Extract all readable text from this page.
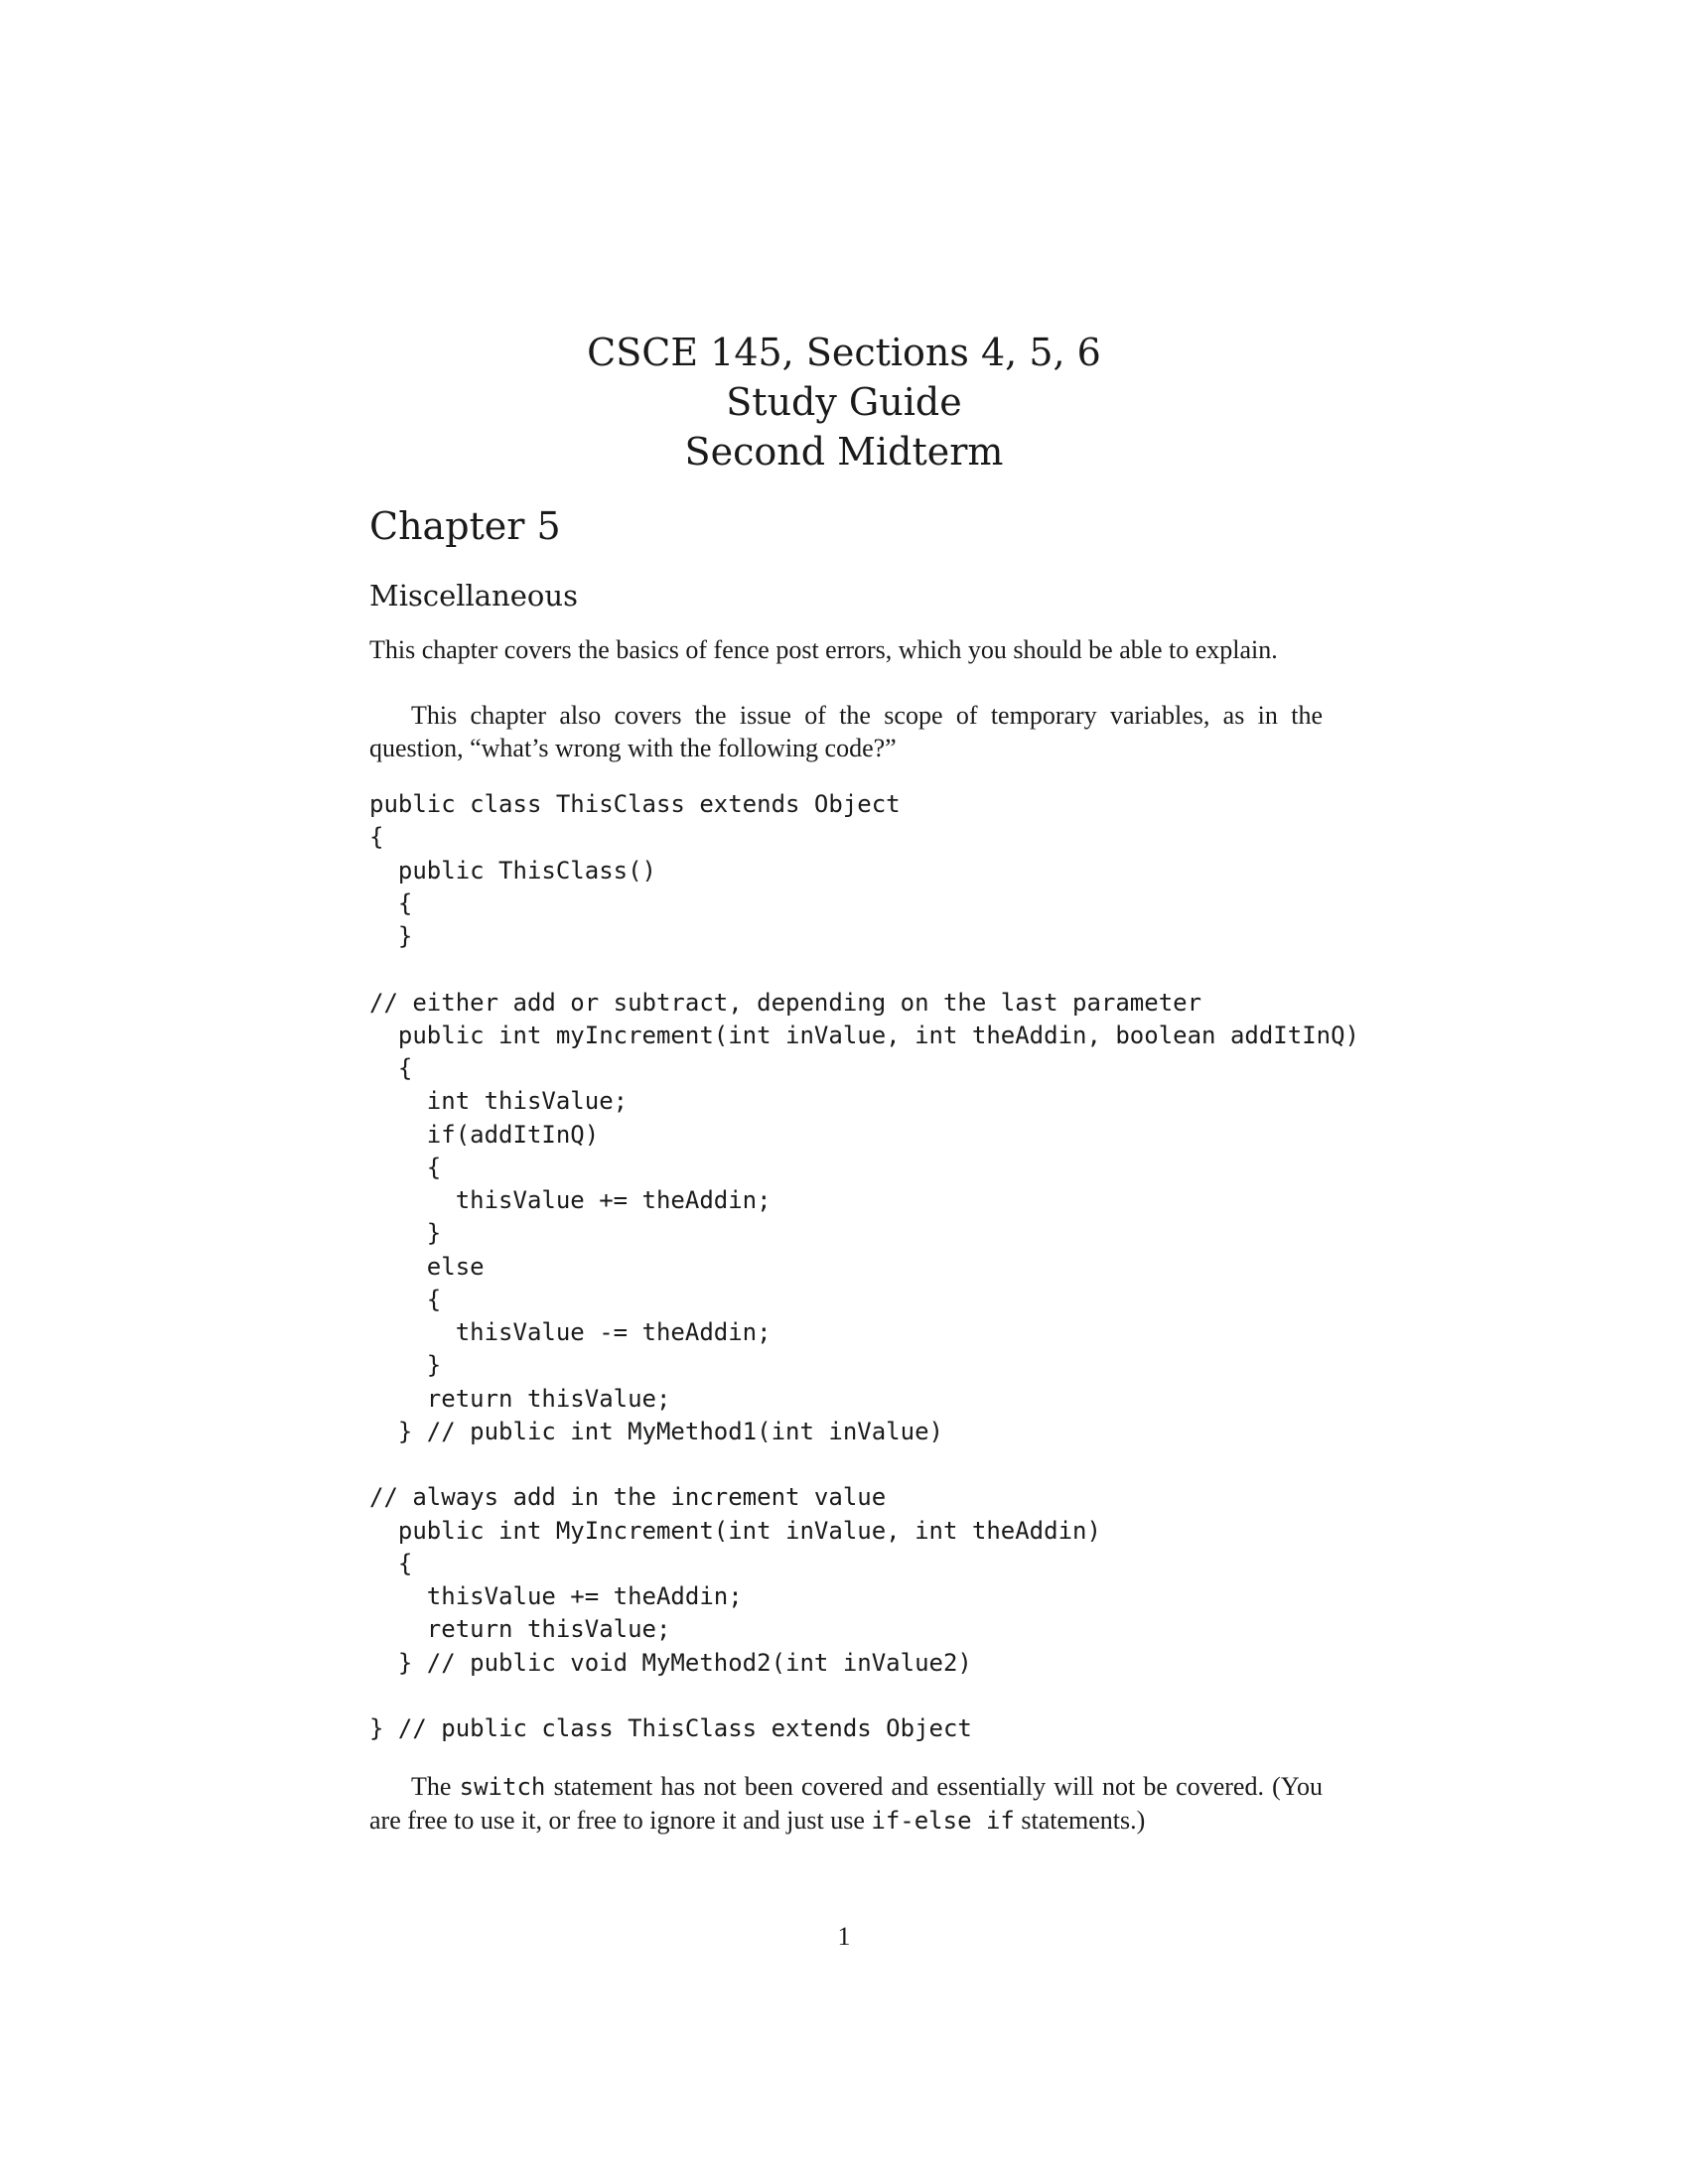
CSCE 145, Sections 4, 5, 6
Study Guide
Second Midterm
Chapter 5
Miscellaneous

This chapter covers the basics of fence post errors, which you should be able to explain.

This chapter also covers the issue of the scope of temporary variables, as in the question, “what’s wrong with the following code?”

public class ThisClass extends Object
{
public ThisClass()
{
}
// either add or subtract, depending on the last parameter
public int myIncrement(int inValue, int theAddin, boolean addItInQ)
{
int thisValue;
if(addItInQ)
{
thisValue += theAddin;
}
else
{
thisValue -= theAddin;
}
return thisValue;
} // public int MyMethod1(int inValue)
// always add in the increment value
public int MyIncrement(int inValue, int theAddin)
{
thisValue += theAddin;
return thisValue;
} // public void MyMethod2(int inValue2)
} // public class ThisClass extends Object

The switch statement has not been covered and essentially will not be covered. (You are free to use it, or free to ignore it and just use if-else if statements.)

1
